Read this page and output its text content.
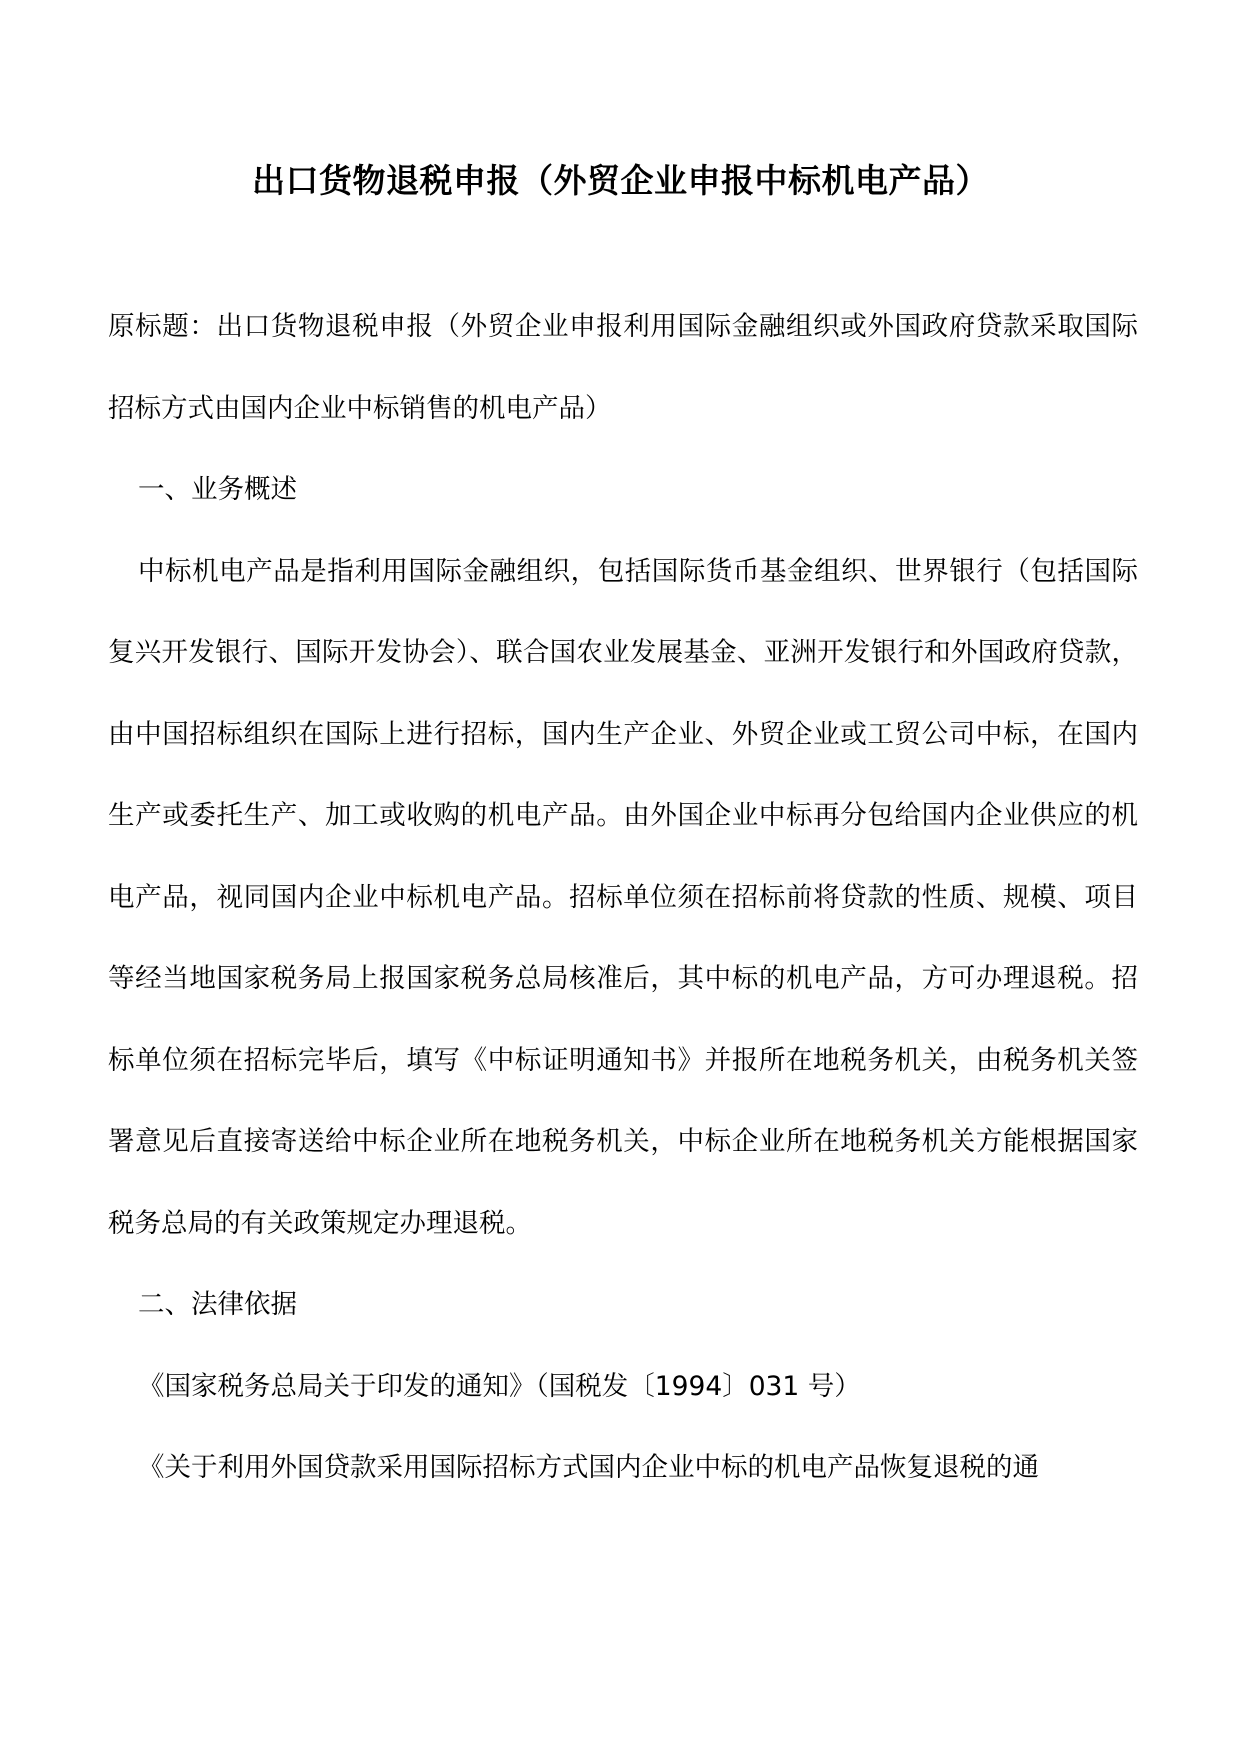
出口货物退税申报（外贸企业申报中标机电产品）

原标题：出口货物退税申报（外贸企业申报利用国际金融组织或外国政府贷款采取国际招标方式由国内企业中标销售的机电产品）

一、业务概述

中标机电产品是指利用国际金融组织，包括国际货币基金组织、世界银行（包括国际复兴开发银行、国际开发协会）、联合国农业发展基金、亚洲开发银行和外国政府贷款，由中国招标组织在国际上进行招标，国内生产企业、外贸企业或工贸公司中标，在国内生产或委托生产、加工或收购的机电产品。由外国企业中标再分包给国内企业供应的机电产品，视同国内企业中标机电产品。招标单位须在招标前将贷款的性质、规模、项目等经当地国家税务局上报国家税务总局核准后，其中标的机电产品，方可办理退税。招标单位须在招标完毕后，填写《中标证明通知书》并报所在地税务机关，由税务机关签署意见后直接寄送给中标企业所在地税务机关，中标企业所在地税务机关方能根据国家税务总局的有关政策规定办理退税。

二、法律依据

《国家税务总局关于印发的通知》（国税发〔1994〕031 号）

《关于利用外国贷款采用国际招标方式国内企业中标的机电产品恢复退税的通
